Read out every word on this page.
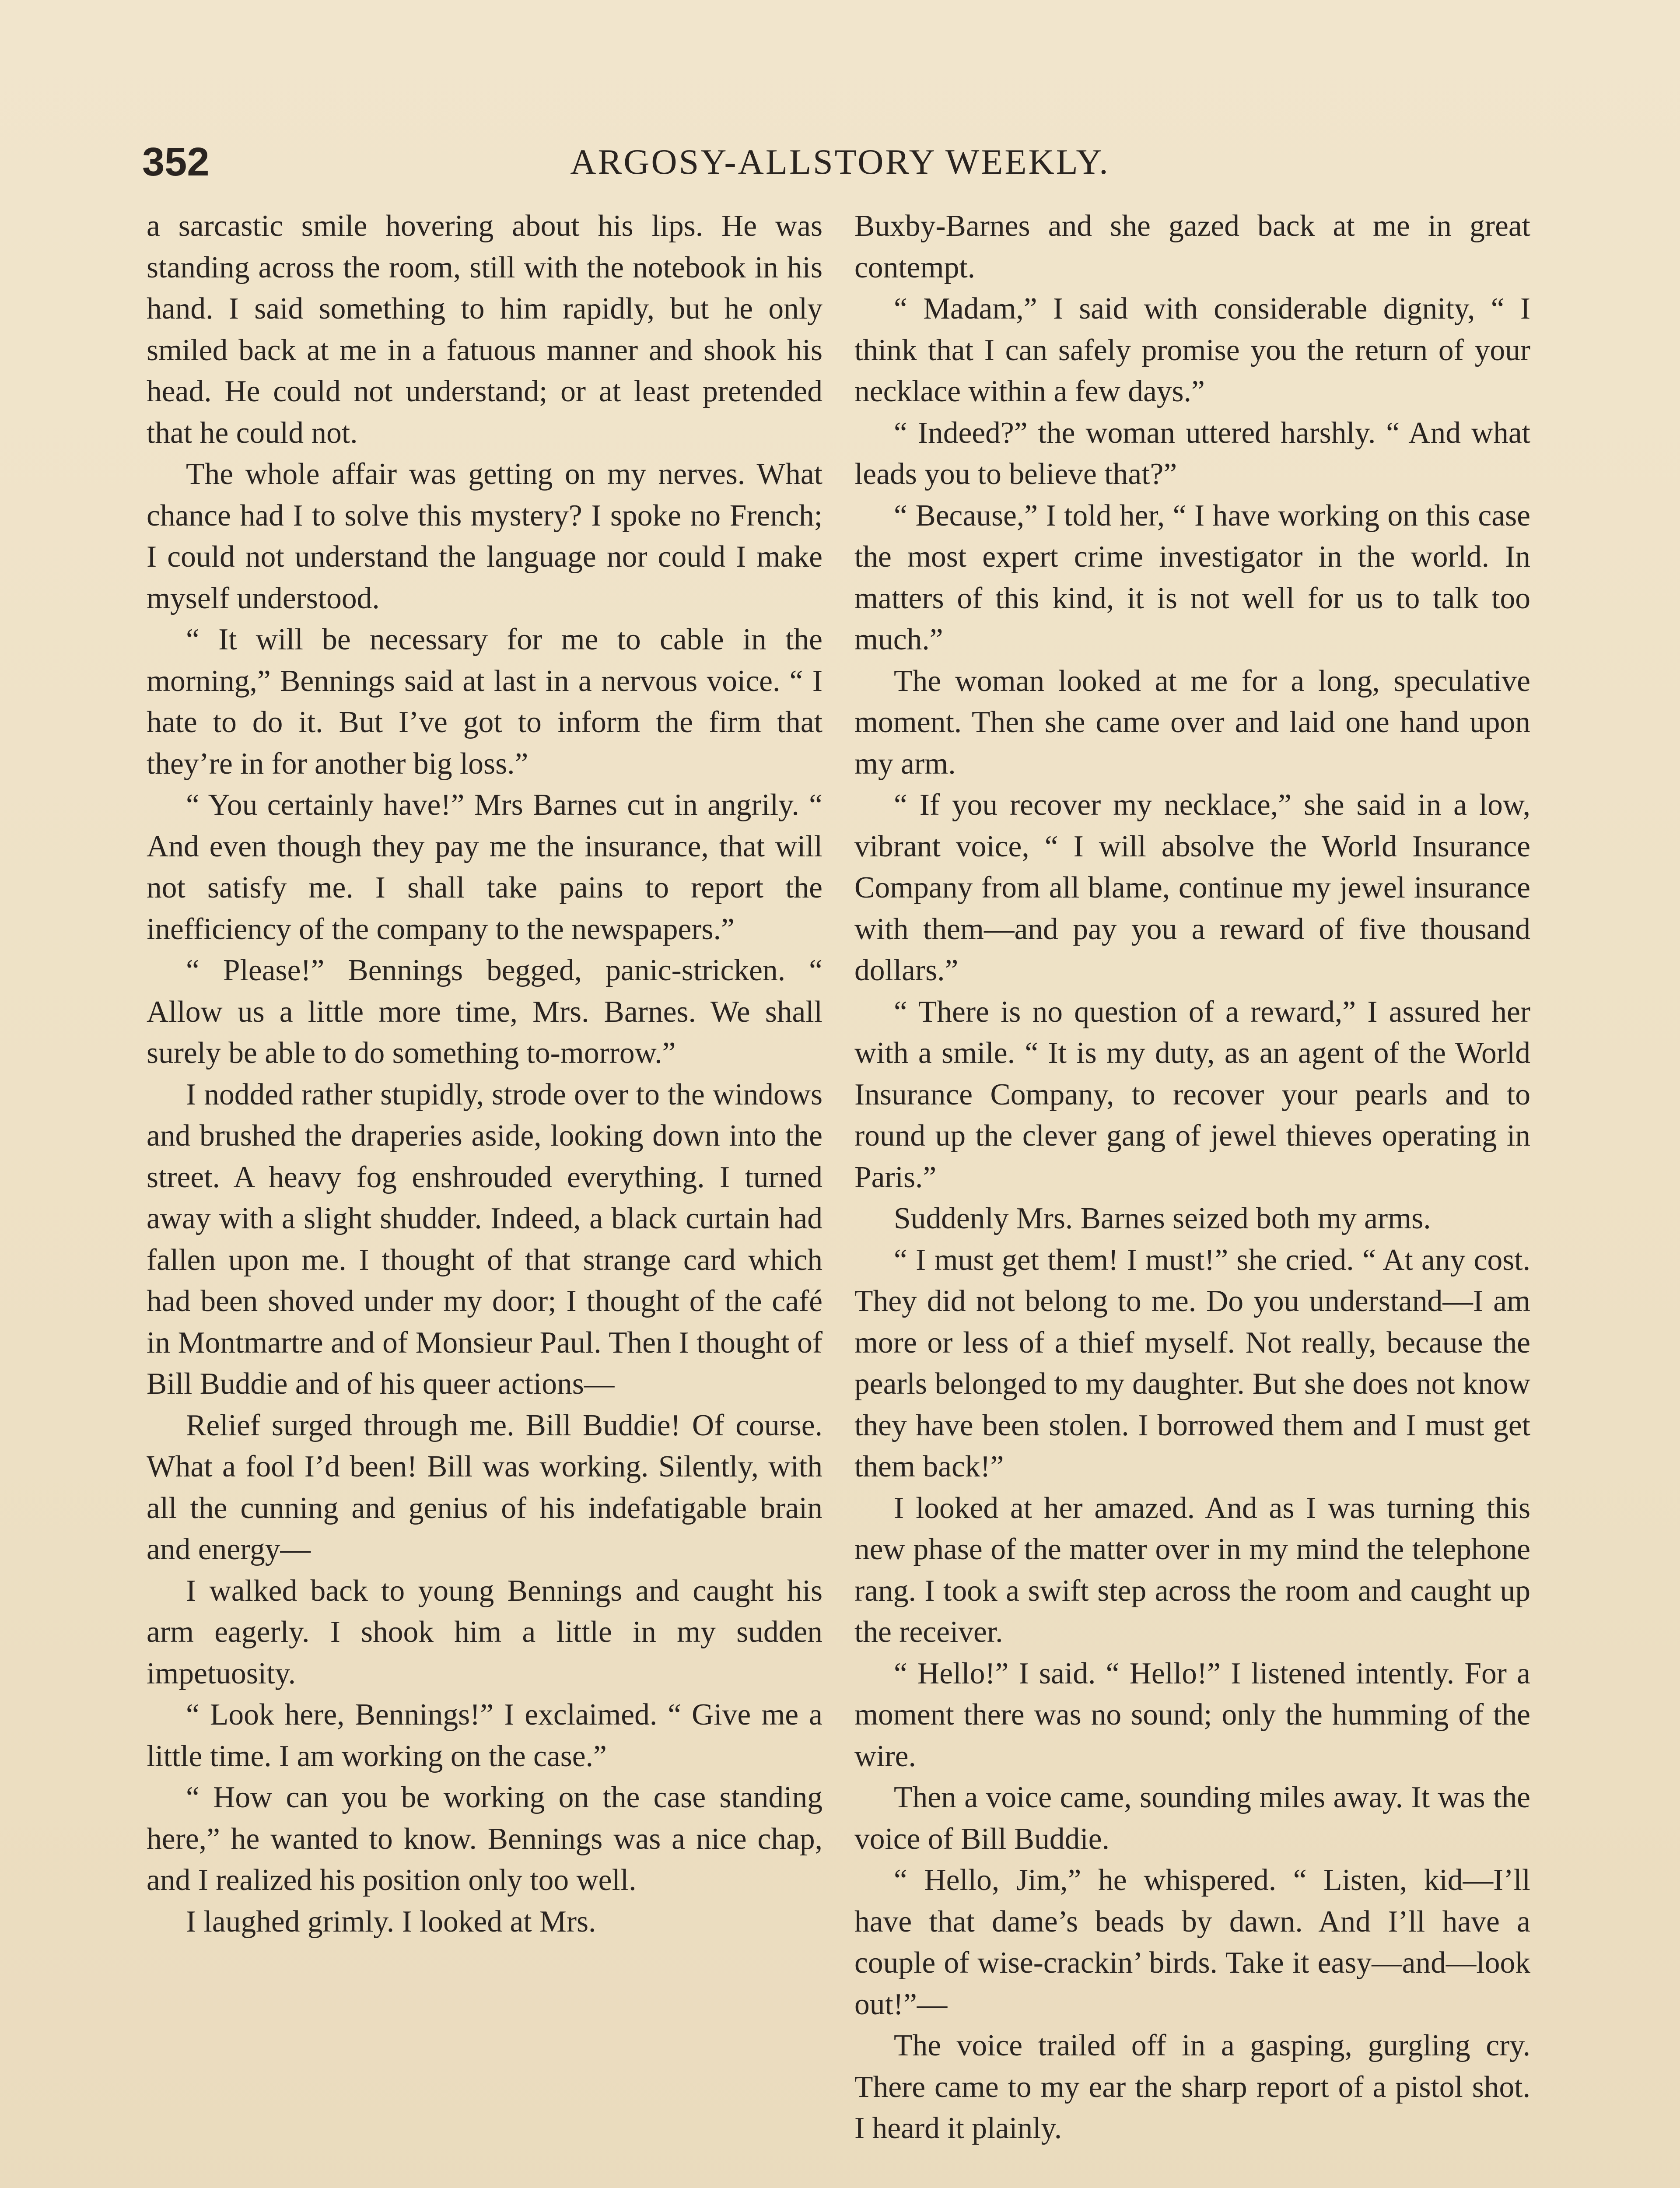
352	ARGOSY-ALLSTORY WEEKLY.

a sarcastic smile hovering about his lips. He was standing across the room, still with the notebook in his hand. I said something to him rapidly, but he only smiled back at me in a fatuous manner and shook his head. He could not understand; or at least pretended that he could not.

The whole affair was getting on my nerves. What chance had I to solve this mystery? I spoke no French; I could not understand the language nor could I make myself understood.

“ It will be necessary for me to cable in the morning,” Bennings said at last in a nervous voice. “ I hate to do it. But I’ve got to inform the firm that they’re in for another big loss.”

“ You certainly have!” Mrs Barnes cut in angrily. “ And even though they pay me the insurance, that will not satisfy me. I shall take pains to report the inefficiency of the company to the newspapers.”

“ Please!” Bennings begged, panic-stricken. “ Allow us a little more time, Mrs. Barnes. We shall surely be able to do something to-morrow.”

I nodded rather stupidly, strode over to the windows and brushed the draperies aside, looking down into the street. A heavy fog enshrouded everything. I turned away with a slight shudder. Indeed, a black curtain had fallen upon me. I thought of that strange card which had been shoved under my door; I thought of the café in Montmartre and of Monsieur Paul. Then I thought of Bill Buddie and of his queer actions—

Relief surged through me. Bill Buddie! Of course. What a fool I’d been! Bill was working. Silently, with all the cunning and genius of his indefatigable brain and energy—

I walked back to young Bennings and caught his arm eagerly. I shook him a little in my sudden impetuosity.

“ Look here, Bennings!” I exclaimed. “ Give me a little time. I am working on the case.”

“ How can you be working on the case standing here,” he wanted to know. Bennings was a nice chap, and I realized his position only too well.

I laughed grimly. I looked at Mrs.

Buxby-Barnes and she gazed back at me in great contempt.

“ Madam,” I said with considerable dignity, “ I think that I can safely promise you the return of your necklace within a few days.”

“ Indeed?” the woman uttered harshly. “ And what leads you to believe that?”

“ Because,” I told her, “ I have working on this case the most expert crime investigator in the world. In matters of this kind, it is not well for us to talk too much.”

The woman looked at me for a long, speculative moment. Then she came over and laid one hand upon my arm.

“ If you recover my necklace,” she said in a low, vibrant voice, “ I will absolve the World Insurance Company from all blame, continue my jewel insurance with them—and pay you a reward of five thousand dollars.”

“ There is no question of a reward,” I assured her with a smile. “ It is my duty, as an agent of the World Insurance Company, to recover your pearls and to round up the clever gang of jewel thieves operating in Paris.”

Suddenly Mrs. Barnes seized both my arms.

“ I must get them! I must!” she cried. “ At any cost. They did not belong to me. Do you understand—I am more or less of a thief myself. Not really, because the pearls belonged to my daughter. But she does not know they have been stolen. I borrowed them and I must get them back!”

I looked at her amazed. And as I was turning this new phase of the matter over in my mind the telephone rang. I took a swift step across the room and caught up the receiver.

“ Hello!” I said. “ Hello!” I listened intently. For a moment there was no sound; only the humming of the wire.

Then a voice came, sounding miles away. It was the voice of Bill Buddie.

“ Hello, Jim,” he whispered. “ Listen, kid—I’ll have that dame’s beads by dawn. And I’ll have a couple of wise-crackin’ birds. Take it easy—and—look out!”—

The voice trailed off in a gasping, gurgling cry. There came to my ear the sharp report of a pistol shot. I heard it plainly.
